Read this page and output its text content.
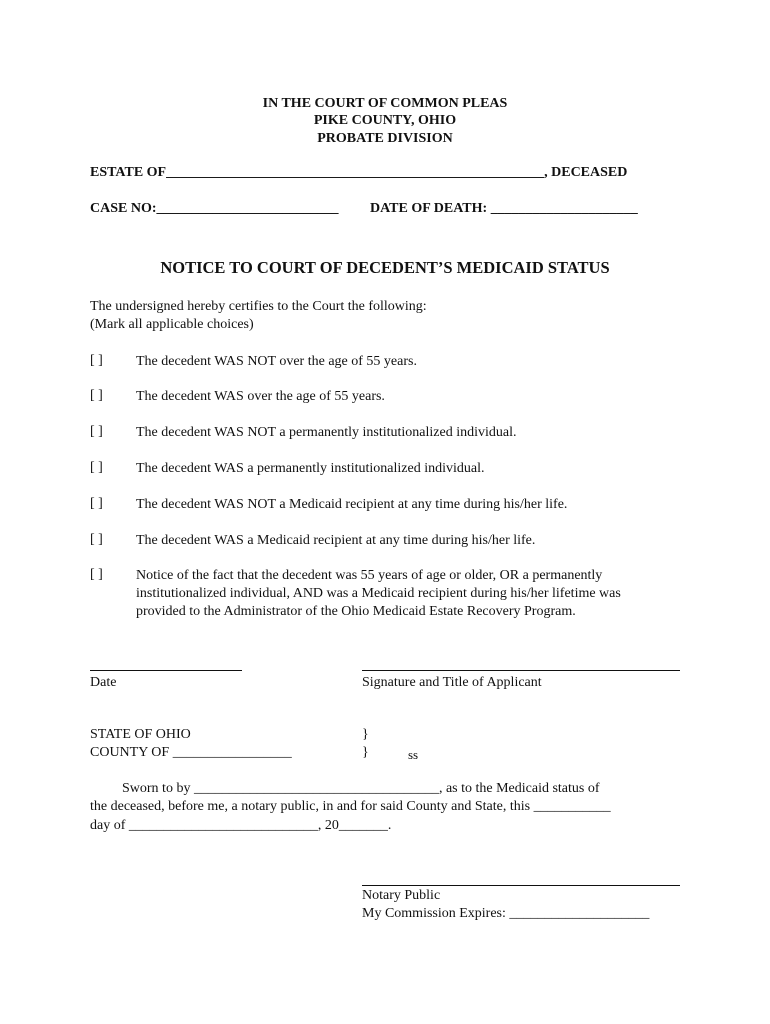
IN THE COURT OF COMMON PLEAS
PIKE COUNTY, OHIO
PROBATE DIVISION
ESTATE OF______________________________________________________, DECEASED
CASE NO:__________________________ DATE OF DEATH: _____________________
NOTICE TO COURT OF DECEDENT’S MEDICAID STATUS
The undersigned hereby certifies to the Court the following:
(Mark all applicable choices)
[ ] The decedent WAS NOT over the age of 55 years.
[ ] The decedent WAS over the age of 55 years.
[ ] The decedent WAS NOT a permanently institutionalized individual.
[ ] The decedent WAS a permanently institutionalized individual.
[ ] The decedent WAS NOT a Medicaid recipient at any time during his/her life.
[ ] The decedent WAS a Medicaid recipient at any time during his/her life.
[ ] Notice of the fact that the decedent was 55 years of age or older, OR a permanently
institutionalized individual, AND was a Medicaid recipient during his/her lifetime was
provided to the Administrator of the Ohio Medicaid Estate Recovery Program.
Date	Signature and Title of Applicant
STATE OF OHIO
COUNTY OF _________________
}
}	ss
Sworn to by ___________________________________, as to the Medicaid status of
the deceased, before me, a notary public, in and for said County and State, this ___________
day of ___________________________, 20_______.
Notary Public
My Commission Expires: ____________________
